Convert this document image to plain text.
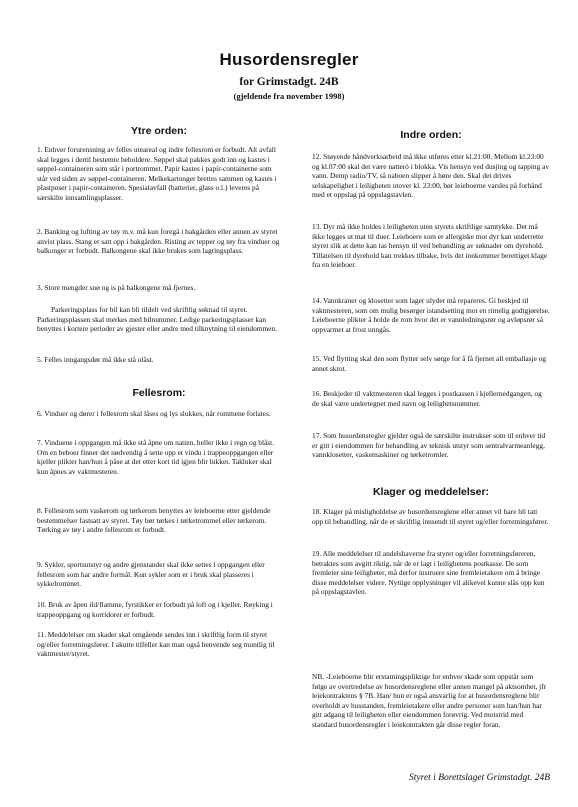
Husordensregler
for Grimstadgt. 24B
(gjeldende fra november 1998)
Ytre orden:

1. Enhver forurensning av felles uteareal og indre fellesrom er forbudt. Alt avfall skal legges i dertil bestemte beholdere. Søppel skal pakkes godt inn og kastes i søppel-containeren som står i portrommet. Papir kastes i papir-containerne som står ved siden av søppel-containeren. Melkekartonger brettes sammen og kastes i plastposer i papir-containeren. Spesialavfall (batterier, glass o.l.) leveres på særskilte innsamlingsplasser.

2. Banking og lufting av tøy m.v. må kun foregå i bakgården eller annen av styret anvist plass. Stang er satt opp i bakgården. Risting av tepper og tøy fra vinduer og balkonger er forbudt. Balkongene skal ikke brukes som lagringsplass.

3. Store mengder snø og is på balkongene må fjernes.

Parkeringsplass for bil kan bli tildelt ved skriftlig søknad til styret. Parkeringsplassen skal merkes med bilnummer. Ledige parkeringsplasser kan benyttes i kortere perioder av gjester eller andre med tilknytning til eiendommen.

5. Felles inngangsdør må ikke stå ulåst.

Fellesrom:

6. Vinduer og dører i fellesrom skal låses og lys slukkes, når rommene forlates.

7. Vinduene i oppgangen må ikke stå åpne om natten, heller ikke i regn og blåst. Om en beboer finner det nødvendig å sette opp et vindu i trappeoppgangen eller kjeller plikter han/hun å påse at det etter kort tid igjen blir lukket. Takluker skal kun åpnes av vaktmesteren.

8. Fellesrom som vaskerom og tørkerom benyttes av leieboerne etter gjeldende bestemmelser fastsatt av styret. Tøy bør tørkes i tørketrommel eller tørkerom. Tørking av tøy i andre fellesrom er forbudt.

9. Sykler, sportsutstyr og andre gjenstander skal ikke settes i oppgangen eller fellesrom som har andre formål. Kun sykler som er i bruk skal plasseres i sykkelrommet.

10. Bruk av åpen ild/flamme, fyrstikker er forbudt på loft og i kjeller. Røyking i trappeoppgang og korridorer er forbudt.

11. Meddelelser om skader skal omgående sendes inn i skriftlig form til styret og/eller forretningsfører. I akutte tilfeller kan man også henvende seg muntlig til vaktmester/styret.

Indre orden:

12. Støyende håndverksarbeid må ikke utføres etter kl.21:00. Mellom kl.23:00 og kl.07:00 skal det være natteró i blokka. Vis hensyn ved dusjing og tapping av vann. Demp radio/TV, så naboen slipper å høre den. Skal det drives selskapelighet i leiligheten utover kl. 23:00, bør leieboerne varsles på forhånd med et oppslag på oppslagstavlen.

13. Dyr må ikke holdes i leiligheten uten styrets skriftlige samtykke. Det må ikke legges ut mat til duer. Leieboere som er allergiske mot dyr kan underrette styret slik at dette kan tas hensyn til ved behandling av søknader om dyrehold. Tillatelsen til dyrehold kan trekkes tilbake, hvis det innkommer berettiget klage fra en leieboer.

14. Vannkraner og klosetter som lager ulyder må repareres. Gi beskjed til vaktmesteren, som om mulig besørger istandsetting mot en rimelig godtgjørelse. Leieboerne plikter å holde de rom hvor det er vannledningsrør og avløpsrør så oppvarmet at frost unngås.

15. Ved flytting skal den som flytter selv sørge for å få fjernet all emballasje og annet skrot.

16. Beskjeder til vaktmesteren skal legges i postkassen i kjellernedgangen, og de skal være undertegnet med navn og leilighetsnummer.

17. Som husordensregler gjelder også de særskilte instrukser som til enhver tid er gitt i eiendommen for behandling av teknisk utstyr som sentralvarmeanlegg, vannklosetter, vaskemaskiner og tørketromler.

Klager og meddelelser:

18. Klager på misligholdelse av husordensreglene eller annet vil bare bli tatt opp til behandling, når de er skriftlig innsendt til styret og/eller forretningsfører.

19. Alle meddelelser til andelshaverne fra styret og/eller forretningsføreren, betraktes som avgitt riktig, når de er lagt i leilighetens postkasse. De som fremleier sine leiligheter, må derfor instruere sine fremleietakere om å bringe disse meddelelser videre. Nyttige opplysninger vil alikevel kunne slås opp kun på oppslagstavlen.

NB. -Leieboerne blir erstatningspliktige for enhver skade som oppstår som følge av overtredelse av husordensreglene eller annen mangel på aktsomhet, jfr leiekontraktens § 7B. Han/ hun er også ansvarlig for at husordensreglene blir overholdt av husstanden, fremleietakere eller andre personer som han/hun har gitt adgang til leiligheten eller eiendommen forøvrig. Ved motstrid med standard husordensregler i leiekontrakten går disse regler foran.

Styret i Borettslaget Grimstadgt. 24B
